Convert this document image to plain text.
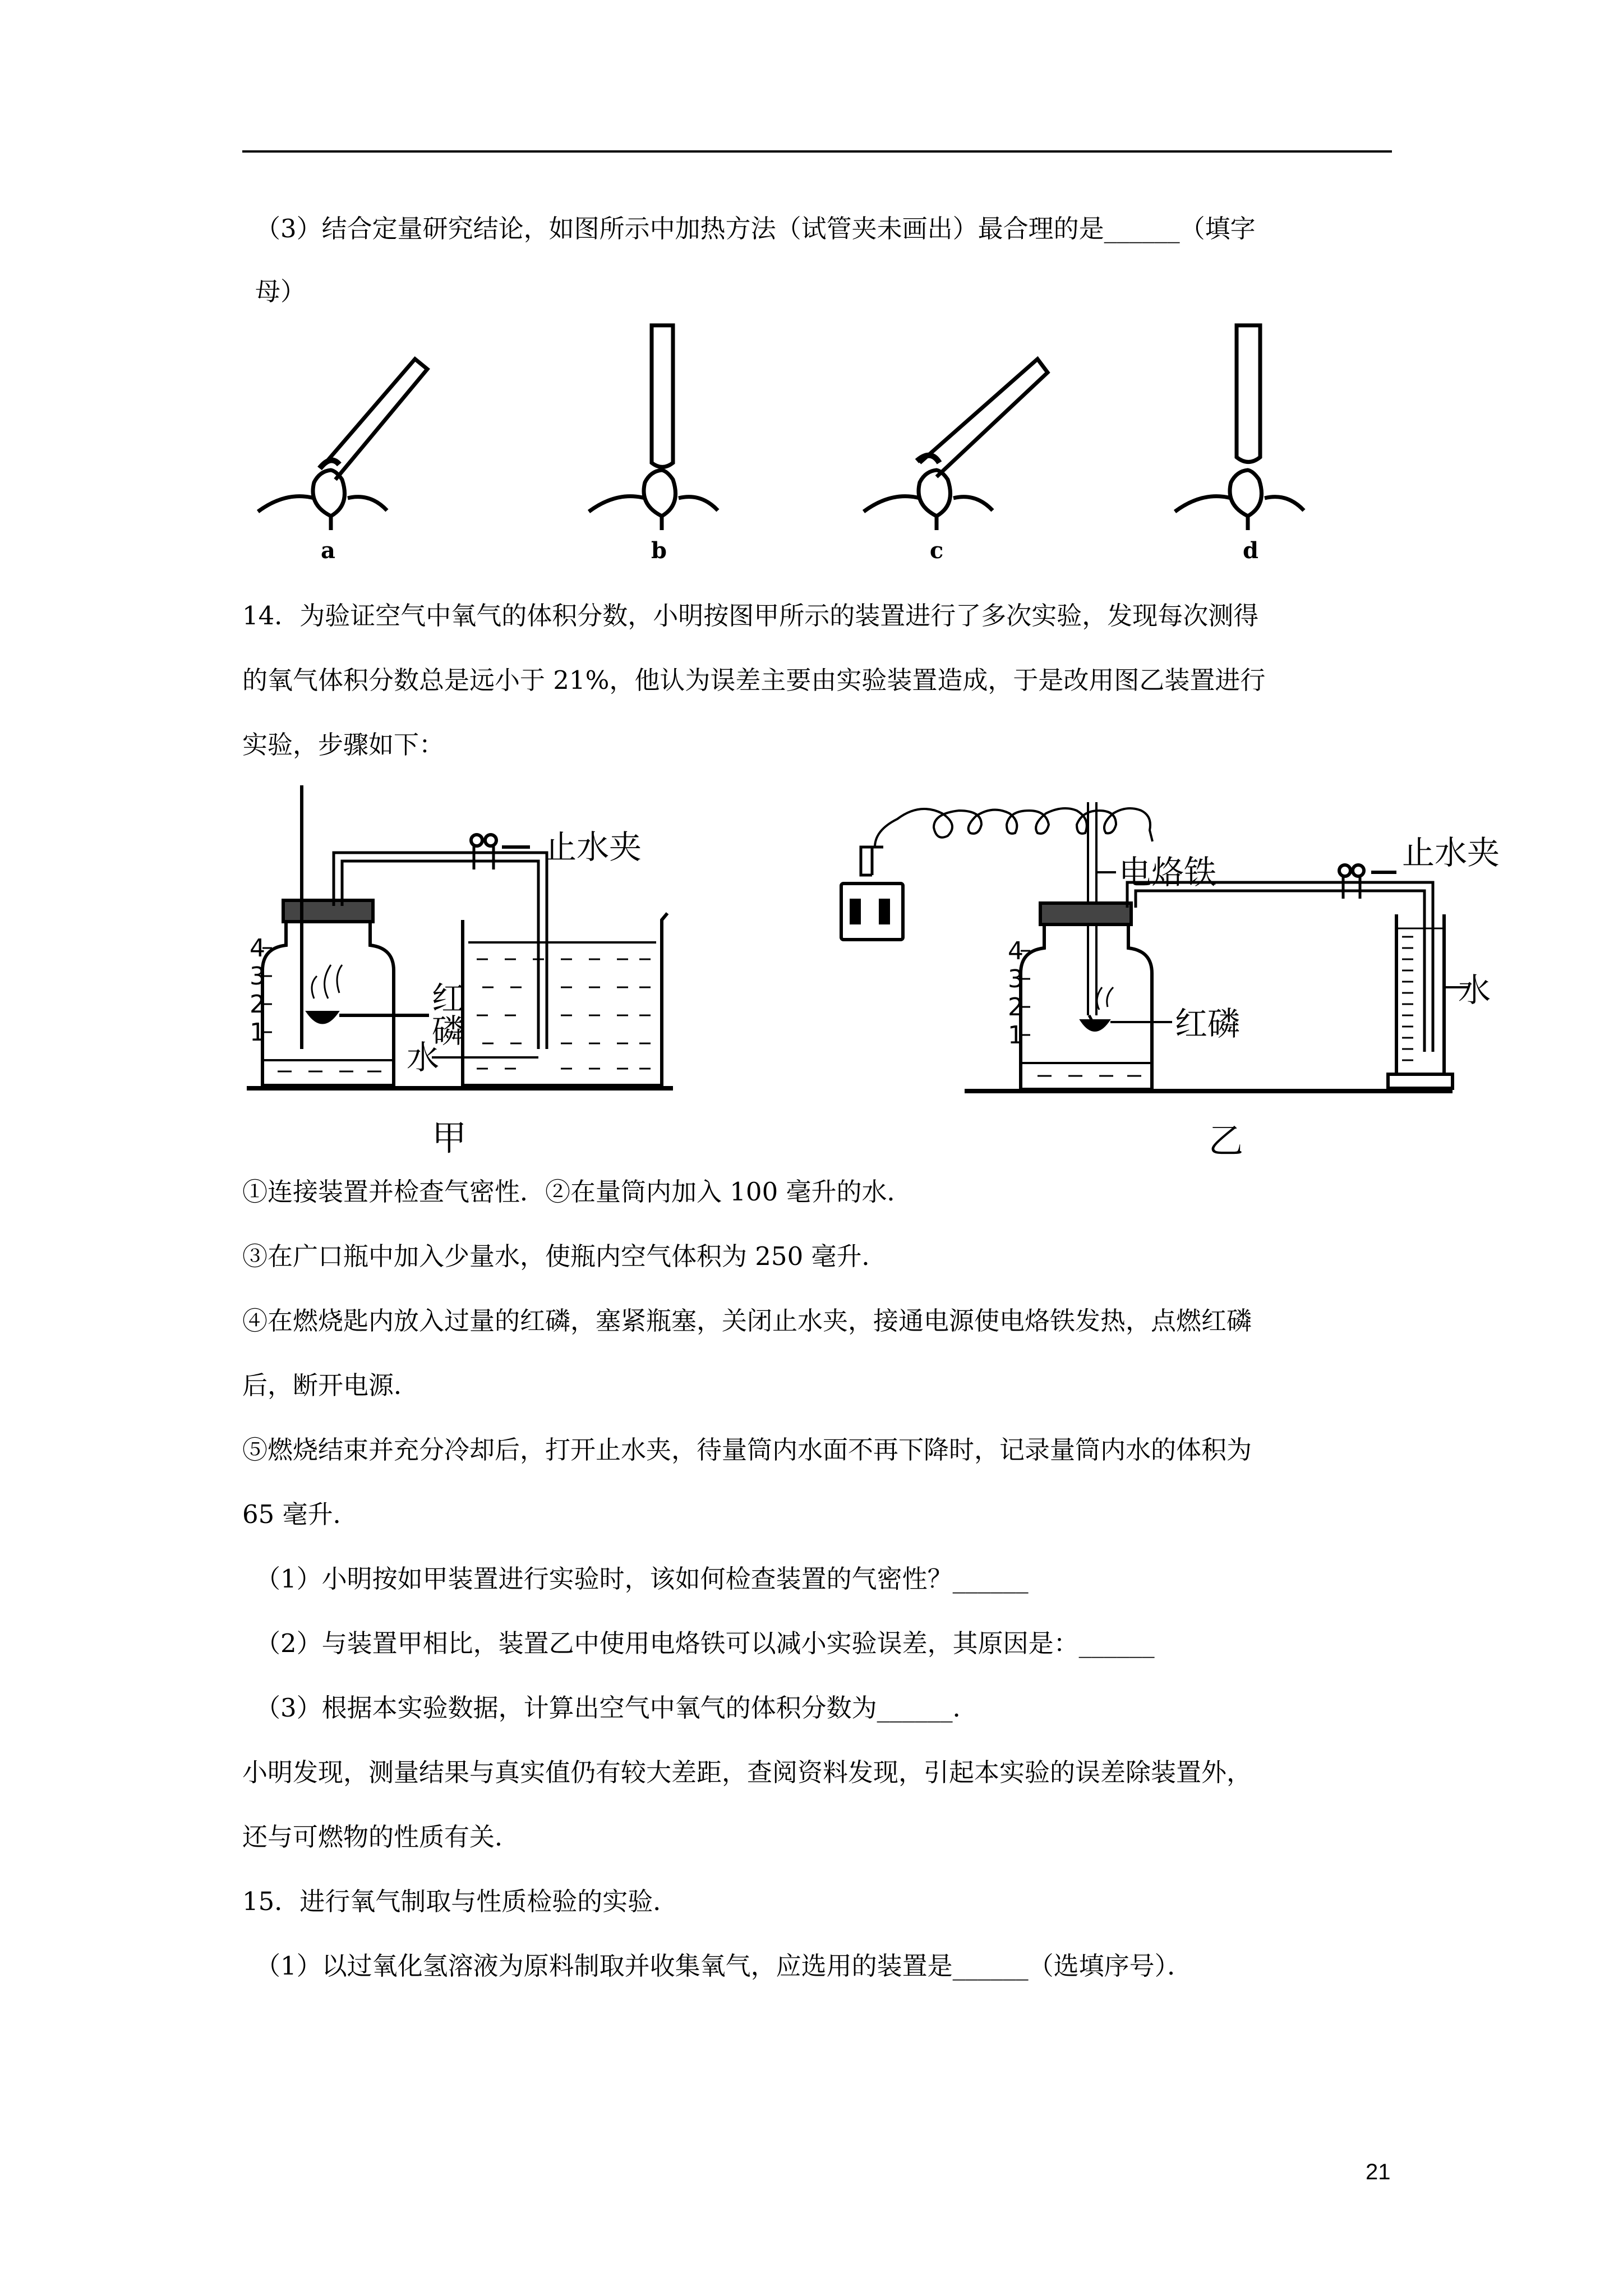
（3）结合定量研究结论，如图所示中加热方法（试管夹未画出）最合理的是______（填字
母）
a	b	c	d
14．为验证空气中氧气的体积分数，小明按图甲所示的装置进行了多次实验，发现每次测得
的氧气体积分数总是远小于 21%，他认为误差主要由实验装置造成，于是改用图乙装置进行
实验，步骤如下：
止水夹
红
磷
水
4
3
2
1
甲
电烙铁
止水夹
红磷
水
4
3
2
1
乙
①连接装置并检查气密性．②在量筒内加入 100 毫升的水．
③在广口瓶中加入少量水，使瓶内空气体积为 250 毫升．
④在燃烧匙内放入过量的红磷，塞紧瓶塞，关闭止水夹，接通电源使电烙铁发热，点燃红磷
后，断开电源．
⑤燃烧结束并充分冷却后，打开止水夹，待量筒内水面不再下降时，记录量筒内水的体积为
65 毫升．
（1）小明按如甲装置进行实验时，该如何检查装置的气密性？______
（2）与装置甲相比，装置乙中使用电烙铁可以减小实验误差，其原因是：______
（3）根据本实验数据，计算出空气中氧气的体积分数为______．
小明发现，测量结果与真实值仍有较大差距，查阅资料发现，引起本实验的误差除装置外，
还与可燃物的性质有关．
15．进行氧气制取与性质检验的实验．
（1）以过氧化氢溶液为原料制取并收集氧气，应选用的装置是______（选填序号）．
21
